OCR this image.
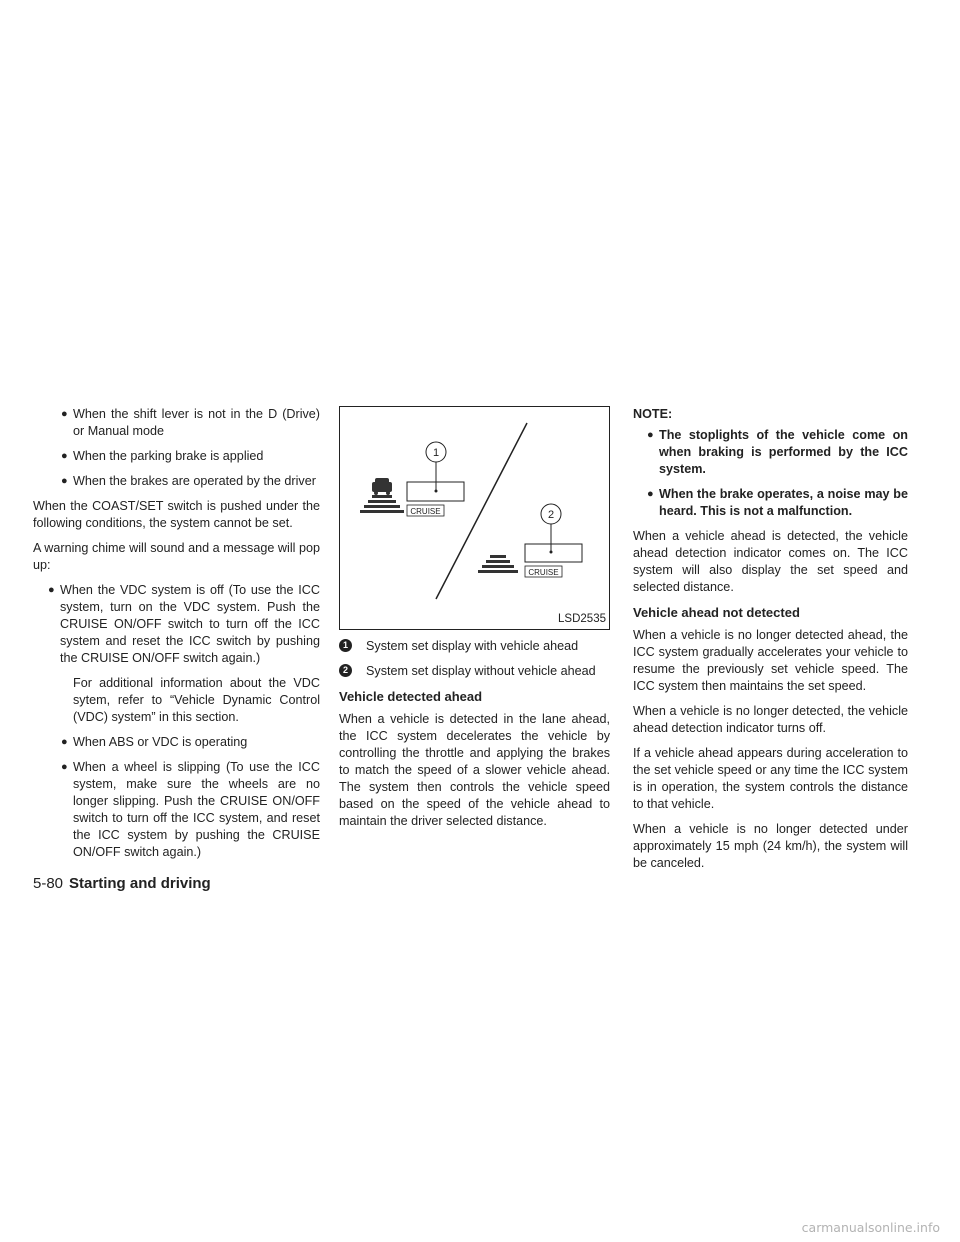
● When the shift lever is not in the D (Drive) or Manual mode
● When the parking brake is applied
● When the brakes are operated by the driver

When the COAST/SET switch is pushed under the following conditions, the system cannot be set.

A warning chime will sound and a message will pop up:

● When the VDC system is off (To use the ICC system, turn on the VDC system. Push the CRUISE ON/OFF switch to turn off the ICC system and reset the ICC switch by pushing the CRUISE ON/OFF switch again.)
For additional information about the VDC sytem, refer to “Vehicle Dynamic Control (VDC) system” in this section.
● When ABS or VDC is operating
● When a wheel is slipping (To use the ICC system, make sure the wheels are no longer slipping. Push the CRUISE ON/OFF switch to turn off the ICC system, and reset the ICC system by pushing the CRUISE ON/OFF switch again.)
1
CRUISE	2
CRUISE
LSD2535
1	System set display with vehicle ahead
2	System set display without vehicle ahead
Vehicle detected ahead

When a vehicle is detected in the lane ahead, the ICC system decelerates the vehicle by controlling the throttle and applying the brakes to match the speed of a slower vehicle ahead. The system then controls the vehicle speed based on the speed of the vehicle ahead to maintain the driver selected distance.

NOTE:
● The stoplights of the vehicle come on when braking is performed by the ICC system.
● When the brake operates, a noise may be heard. This is not a malfunction.

When a vehicle ahead is detected, the vehicle ahead detection indicator comes on. The ICC system will also display the set speed and selected distance.

Vehicle ahead not detected

When a vehicle is no longer detected ahead, the ICC system gradually accelerates your vehicle to resume the previously set vehicle speed. The ICC system then maintains the set speed.

When a vehicle is no longer detected, the vehicle ahead detection indicator turns off.

If a vehicle ahead appears during acceleration to the set vehicle speed or any time the ICC system is in operation, the system controls the distance to that vehicle.

When a vehicle is no longer detected under approximately 15 mph (24 km/h), the system will be canceled.

5-80 Starting and driving
carmanualsonline.info
